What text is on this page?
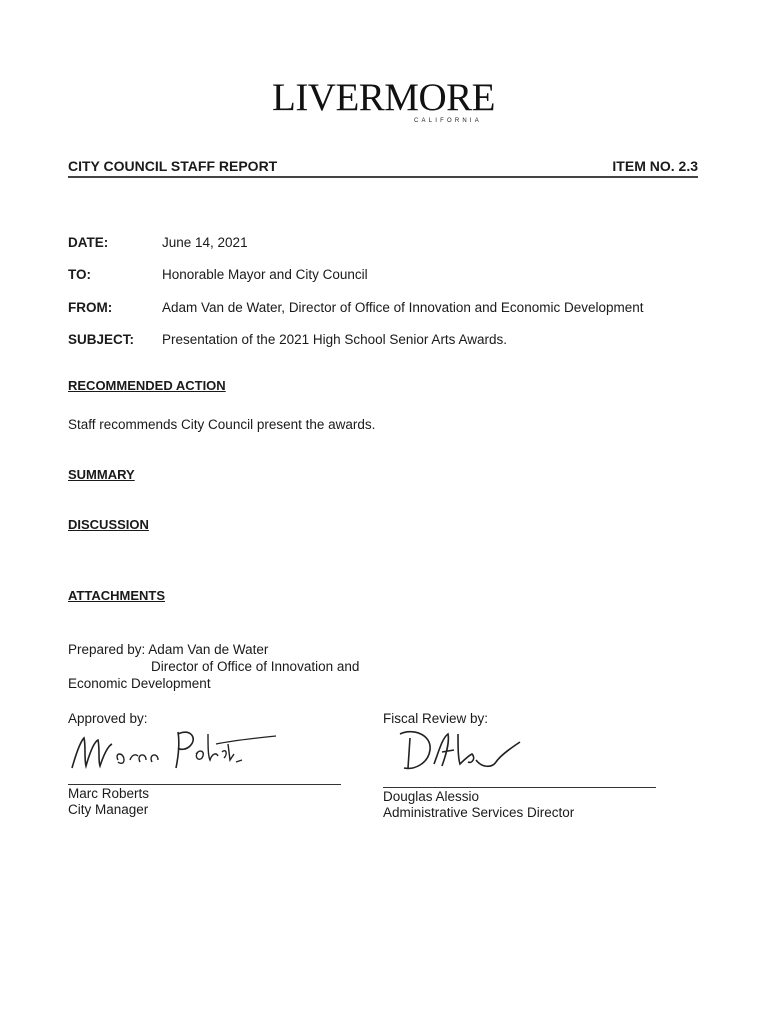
LIVERMORE
CALIFORNIA
CITY COUNCIL STAFF REPORT	ITEM NO. 2.3
DATE:	June 14, 2021
TO:	Honorable Mayor and City Council
FROM:	Adam Van de Water, Director of Office of Innovation and Economic Development
SUBJECT: Presentation of the 2021 High School Senior Arts Awards.
RECOMMENDED ACTION
Staff recommends City Council present the awards.
SUMMARY
DISCUSSION
ATTACHMENTS
Prepared by: Adam Van de Water
Director of Office of Innovation and
Economic Development
Approved by:
Marc Roberts
City Manager
Fiscal Review by:
Douglas Alessio
Administrative Services Director
